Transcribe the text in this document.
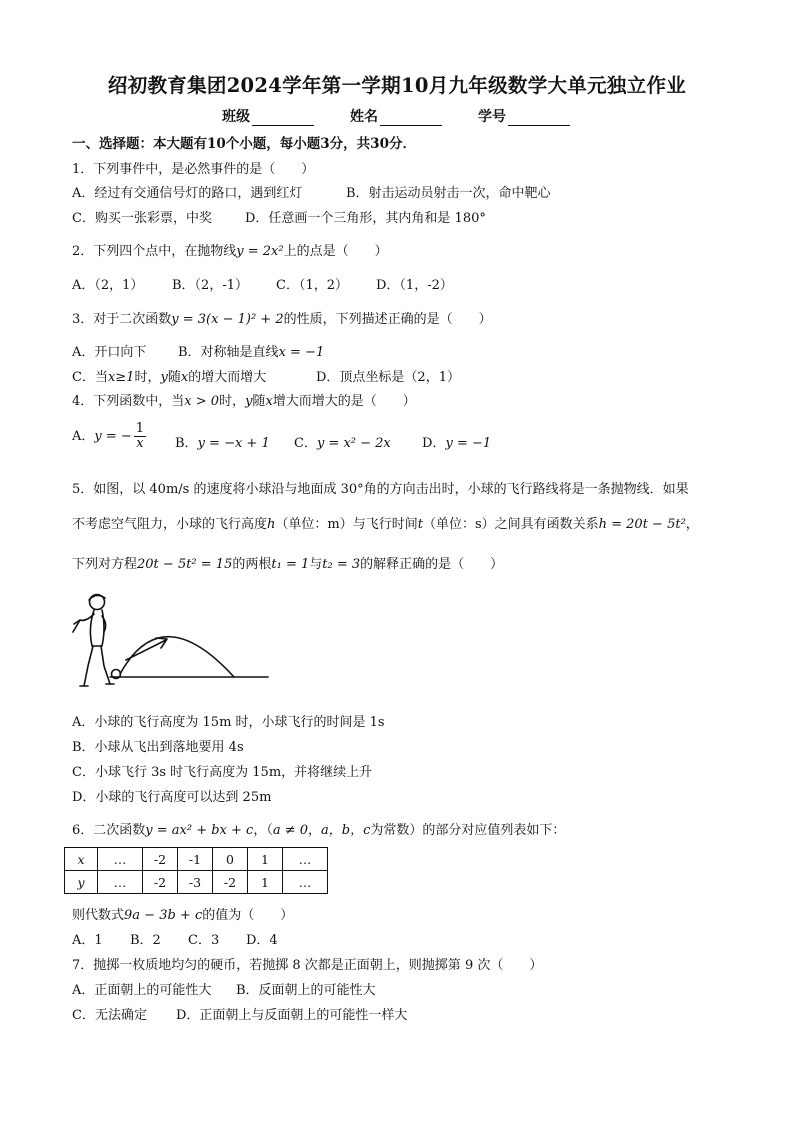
绍初教育集团2024学年第一学期10月九年级数学大单元独立作业
班级	姓名	学号
一、选择题：本大题有10个小题，每小题3分，共30分．
1．下列事件中，是必然事件的是（　　）
A．经过有交通信号灯的路口，遇到红灯	B．射击运动员射击一次，命中靶心
C．购买一张彩票，中奖	D．任意画一个三角形，其内角和是 180°
2．下列四个点中，在抛物线y = 2x²上的点是（　　）
A．（2，1） B．（2，-1） C．（1，2） D．（1，-2）
3．对于二次函数y = 3(x − 1)² + 2的性质，下列描述正确的是（　　）
A．开口向下 B．对称轴是直线x = −1
C．当x≥1时，y随x的增大而增大	D．顶点坐标是（2，1）
4．下列函数中，当x > 0时，y随x增大而增大的是（　　）
A．y = − $\frac{1}{x}$ B．y = −x + 1 C．y = x² − 2x D．y = −1
5．如图，以 40m/s 的速度将小球沿与地面成 30°角的方向击出时，小球的飞行路线将是一条抛物线．如果
不考虑空气阻力，小球的飞行高度h（单位：m）与飞行时间t（单位：s）之间具有函数关系h = 20t − 5t²，
下列对方程20t − 5t² = 15的两根t₁ = 1与t₂ = 3的解释正确的是（　　）
A．小球的飞行高度为 15m 时，小球飞行的时间是 1s
B．小球从飞出到落地要用 4s
C．小球飞行 3s 时飞行高度为 15m，并将继续上升
D．小球的飞行高度可以达到 25m
6．二次函数y = ax² + bx + c，（a ≠ 0，a，b，c为常数）的部分对应值列表如下：
x	…	-2	-1	0	1	…
y	…	-2	-3	-2	1	…
则代数式9a − 3b + c的值为（　　）
A．1 B．2 C．3 D．4
7．抛掷一枚质地均匀的硬币，若抛掷 8 次都是正面朝上，则抛掷第 9 次（　　）
A．正面朝上的可能性大 B．反面朝上的可能性大
C．无法确定 D．正面朝上与反面朝上的可能性一样大
